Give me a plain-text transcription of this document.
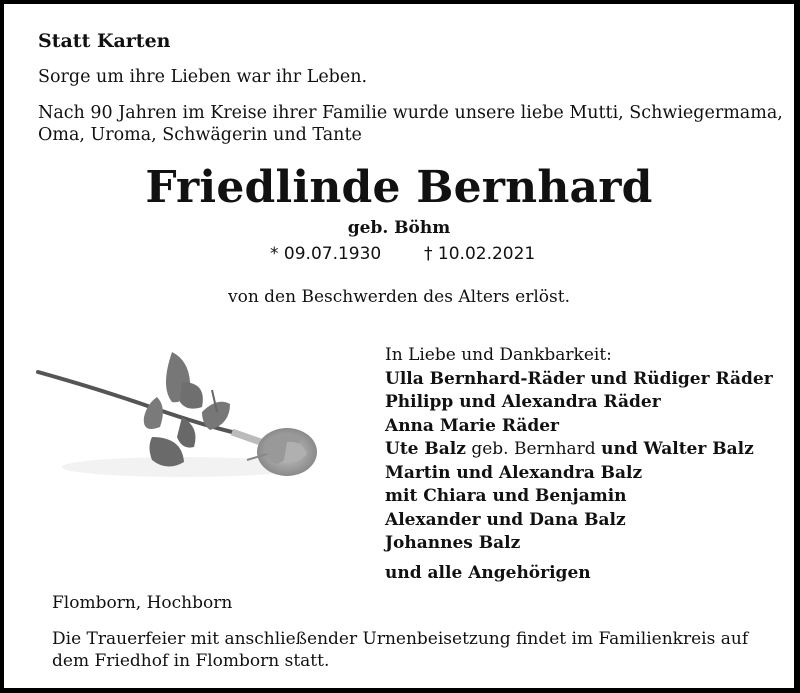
Statt Karten
Sorge um ihre Lieben war ihr Leben.
Nach 90 Jahren im Kreise ihrer Familie wurde unsere liebe Mutti, Schwiegermama, Oma, Uroma, Schwägerin und Tante
Friedlinde Bernhard
geb. Böhm
* 09.07.1930	† 10.02.2021
von den Beschwerden des Alters erlöst.
In Liebe und Dankbarkeit:
Ulla Bernhard-Räder und Rüdiger Räder
Philipp und Alexandra Räder
Anna Marie Räder
Ute Balz geb. Bernhard und Walter Balz
Martin und Alexandra Balz
mit Chiara und Benjamin
Alexander und Dana Balz
Johannes Balz
und alle Angehörigen
Flomborn, Hochborn
Die Trauerfeier mit anschließender Urnenbeisetzung findet im Familienkreis auf dem Friedhof in Flomborn statt.
